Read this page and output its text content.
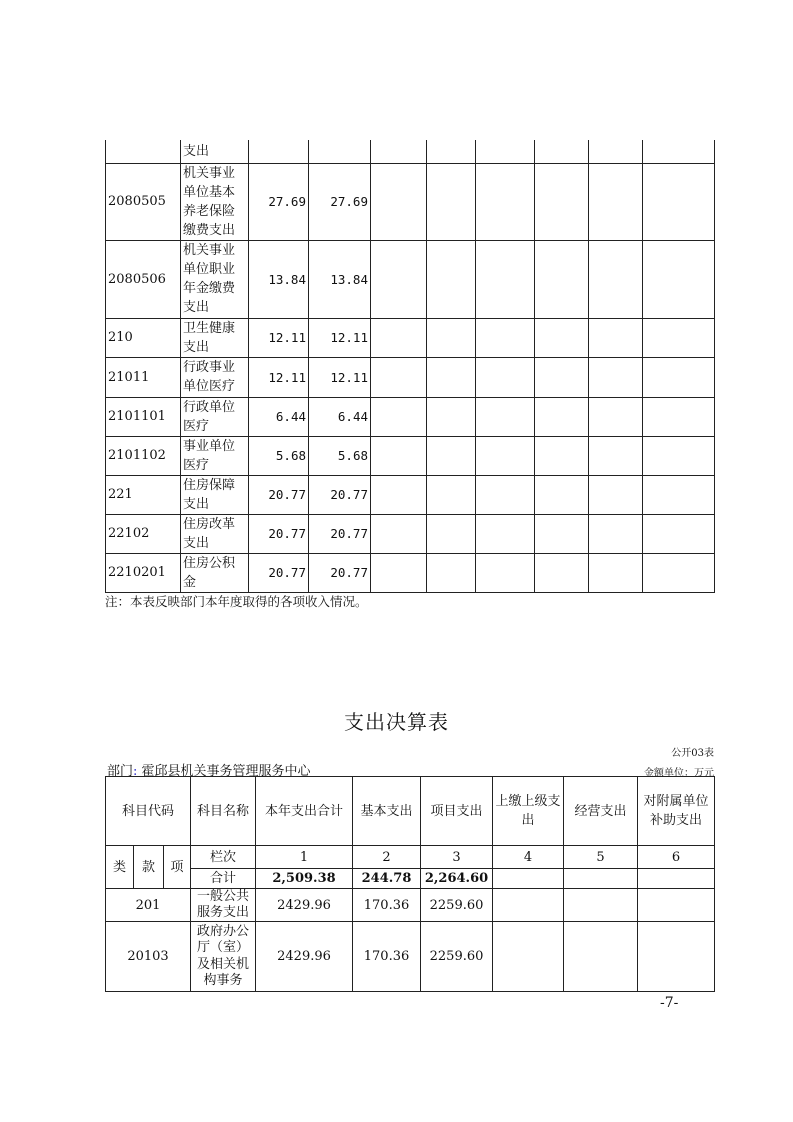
	支出								
2080505	机关事业单位基本养老保险缴费支出	27.69	27.69						
2080506	机关事业单位职业年金缴费支出	13.84	13.84						
210	卫生健康支出	12.11	12.11						
21011	行政事业单位医疗	12.11	12.11						
2101101	行政单位医疗	6.44	6.44						
2101102	事业单位医疗	5.68	5.68						
221	住房保障支出	20.77	20.77						
22102	住房改革支出	20.77	20.77						
2210201	住房公积金	20.77	20.77						
注：本表反映部门本年度取得的各项收入情况。
支出决算表
公开03表
部门: 霍邱县机关事务管理服务中心	金额单位：万元
科目代码			科目名称	本年支出合计	基本支出	项目支出	上缴上级支出	经营支出	对附属单位补助支出
类	款	项	栏次	1	2	3	4	5	6
			合计	2,509.38	244.78	2,264.60			
201			一般公共服务支出	2429.96	170.36	2259.60			
20103			政府办公厅（室）及相关机构事务	2429.96	170.36	2259.60			
-7-
